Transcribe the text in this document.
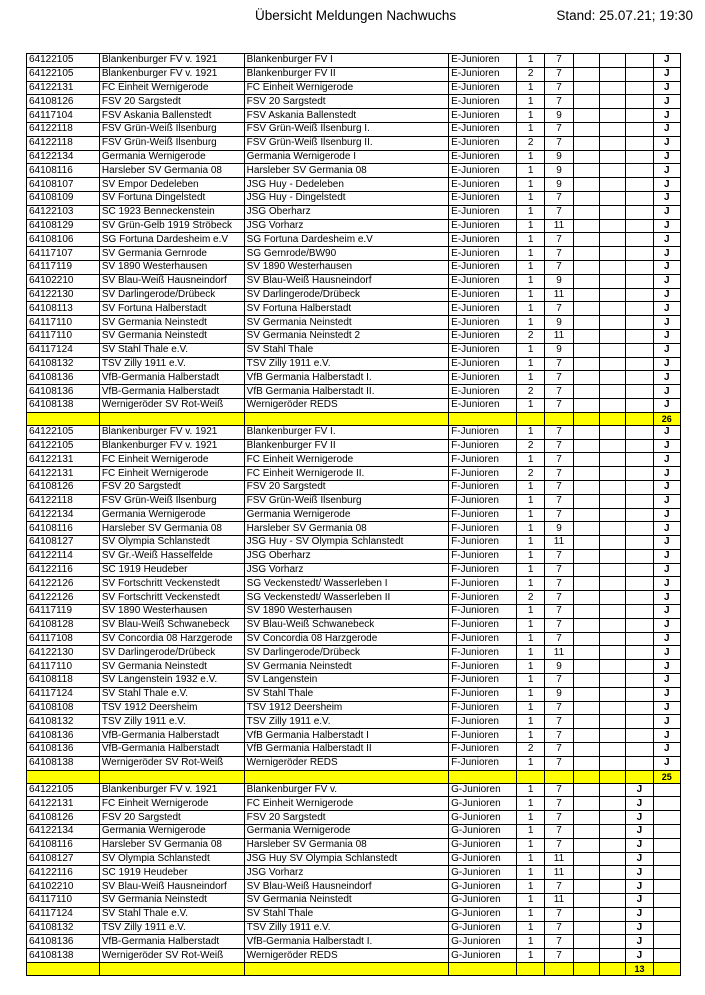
Übersicht Meldungen Nachwuchs	Stand: 25.07.21; 19:30
64122105	Blankenburger FV v. 1921	Blankenburger FV I	E-Junioren	1	7				J
64122105	Blankenburger FV v. 1921	Blankenburger FV II	E-Junioren	2	7				J
64122131	FC Einheit Wernigerode	FC Einheit Wernigerode	E-Junioren	1	7				J
64108126	FSV 20 Sargstedt	FSV 20 Sargstedt	E-Junioren	1	7				J
64117104	FSV Askania Ballenstedt	FSV Askania Ballenstedt	E-Junioren	1	9				J
64122118	FSV Grün-Weiß Ilsenburg	FSV Grün-Weiß Ilsenburg I.	E-Junioren	1	7				J
64122118	FSV Grün-Weiß Ilsenburg	FSV Grün-Weiß Ilsenburg II.	E-Junioren	2	7				J
64122134	Germania Wernigerode	Germania Wernigerode I	E-Junioren	1	9				J
64108116	Harsleber SV Germania 08	Harsleber SV Germania 08	E-Junioren	1	9				J
64108107	SV Empor Dedeleben	JSG Huy - Dedeleben	E-Junioren	1	9				J
64108109	SV Fortuna Dingelstedt	JSG Huy - Dingelstedt	E-Junioren	1	7				J
64122103	SC 1923 Benneckenstein	JSG Oberharz	E-Junioren	1	7				J
64108129	SV Grün-Gelb 1919 Ströbeck	JSG Vorharz	E-Junioren	1	11				J
64108106	SG Fortuna Dardesheim e.V	SG Fortuna Dardesheim e.V	E-Junioren	1	7				J
64117107	SV Germania Gernrode	SG Gernrode/BW90	E-Junioren	1	7				J
64117119	SV 1890 Westerhausen	SV 1890 Westerhausen	E-Junioren	1	7				J
64102210	SV Blau-Weiß Hausneindorf	SV Blau-Weiß Hausneindorf	E-Junioren	1	9				J
64122130	SV Darlingerode/Drübeck	SV Darlingerode/Drübeck	E-Junioren	1	11				J
64108113	SV Fortuna Halberstadt	SV Fortuna Halberstadt	E-Junioren	1	7				J
64117110	SV Germania Neinstedt	SV Germania Neinstedt	E-Junioren	1	9				J
64117110	SV Germania Neinstedt	SV Germania Neinstedt 2	E-Junioren	2	11				J
64117124	SV Stahl Thale e.V.	SV Stahl Thale	E-Junioren	1	9				J
64108132	TSV Zilly 1911 e.V.	TSV Zilly 1911 e.V.	E-Junioren	1	7				J
64108136	VfB-Germania Halberstadt	VfB Germania Halberstadt I.	E-Junioren	1	7				J
64108136	VfB-Germania Halberstadt	VfB Germania Halberstadt II.	E-Junioren	2	7				J
64108138	Wernigeröder SV Rot-Weiß	Wernigeröder REDS	E-Junioren	1	7				J
									26
64122105	Blankenburger FV v. 1921	Blankenburger FV I.	F-Junioren	1	7				J
64122105	Blankenburger FV v. 1921	Blankenburger FV II	F-Junioren	2	7				J
64122131	FC Einheit Wernigerode	FC Einheit Wernigerode	F-Junioren	1	7				J
64122131	FC Einheit Wernigerode	FC Einheit Wernigerode II.	F-Junioren	2	7				J
64108126	FSV 20 Sargstedt	FSV 20 Sargstedt	F-Junioren	1	7				J
64122118	FSV Grün-Weiß Ilsenburg	FSV Grün-Weiß Ilsenburg	F-Junioren	1	7				J
64122134	Germania Wernigerode	Germania Wernigerode	F-Junioren	1	7				J
64108116	Harsleber SV Germania 08	Harsleber SV Germania 08	F-Junioren	1	9				J
64108127	SV Olympia Schlanstedt	JSG Huy - SV Olympia Schlanstedt	F-Junioren	1	11				J
64122114	SV Gr.-Weiß Hasselfelde	JSG Oberharz	F-Junioren	1	7				J
64122116	SC 1919 Heudeber	JSG Vorharz	F-Junioren	1	7				J
64122126	SV Fortschritt Veckenstedt	SG Veckenstedt/ Wasserleben I	F-Junioren	1	7				J
64122126	SV Fortschritt Veckenstedt	SG Veckenstedt/ Wasserleben II	F-Junioren	2	7				J
64117119	SV 1890 Westerhausen	SV 1890 Westerhausen	F-Junioren	1	7				J
64108128	SV Blau-Weiß Schwanebeck	SV Blau-Weiß Schwanebeck	F-Junioren	1	7				J
64117108	SV Concordia 08 Harzgerode	SV Concordia 08 Harzgerode	F-Junioren	1	7				J
64122130	SV Darlingerode/Drübeck	SV Darlingerode/Drübeck	F-Junioren	1	11				J
64117110	SV Germania Neinstedt	SV Germania Neinstedt	F-Junioren	1	9				J
64108118	SV Langenstein 1932 e.V.	SV Langenstein	F-Junioren	1	7				J
64117124	SV Stahl Thale e.V.	SV Stahl Thale	F-Junioren	1	9				J
64108108	TSV 1912 Deersheim	TSV 1912 Deersheim	F-Junioren	1	7				J
64108132	TSV Zilly 1911 e.V.	TSV Zilly 1911 e.V.	F-Junioren	1	7				J
64108136	VfB-Germania Halberstadt	VfB Germania Halberstadt I	F-Junioren	1	7				J
64108136	VfB-Germania Halberstadt	VfB Germania Halberstadt II	F-Junioren	2	7				J
64108138	Wernigeröder SV Rot-Weiß	Wernigeröder REDS	F-Junioren	1	7				J
									25
64122105	Blankenburger FV v. 1921	Blankenburger FV v.	G-Junioren	1	7			J	
64122131	FC Einheit Wernigerode	FC Einheit Wernigerode	G-Junioren	1	7			J	
64108126	FSV 20 Sargstedt	FSV 20 Sargstedt	G-Junioren	1	7			J	
64122134	Germania Wernigerode	Germania Wernigerode	G-Junioren	1	7			J	
64108116	Harsleber SV Germania 08	Harsleber SV Germania 08	G-Junioren	1	7			J	
64108127	SV Olympia Schlanstedt	JSG Huy SV Olympia Schlanstedt	G-Junioren	1	11			J	
64122116	SC 1919 Heudeber	JSG Vorharz	G-Junioren	1	11			J	
64102210	SV Blau-Weiß Hausneindorf	SV Blau-Weiß Hausneindorf	G-Junioren	1	7			J	
64117110	SV Germania Neinstedt	SV Germania Neinstedt	G-Junioren	1	11			J	
64117124	SV Stahl Thale e.V.	SV Stahl Thale	G-Junioren	1	7			J	
64108132	TSV Zilly 1911 e.V.	TSV Zilly 1911 e.V.	G-Junioren	1	7			J	
64108136	VfB-Germania Halberstadt	VfB-Germania Halberstadt I.	G-Junioren	1	7			J	
64108138	Wernigeröder SV Rot-Weiß	Wernigeröder REDS	G-Junioren	1	7			J	
								13	
